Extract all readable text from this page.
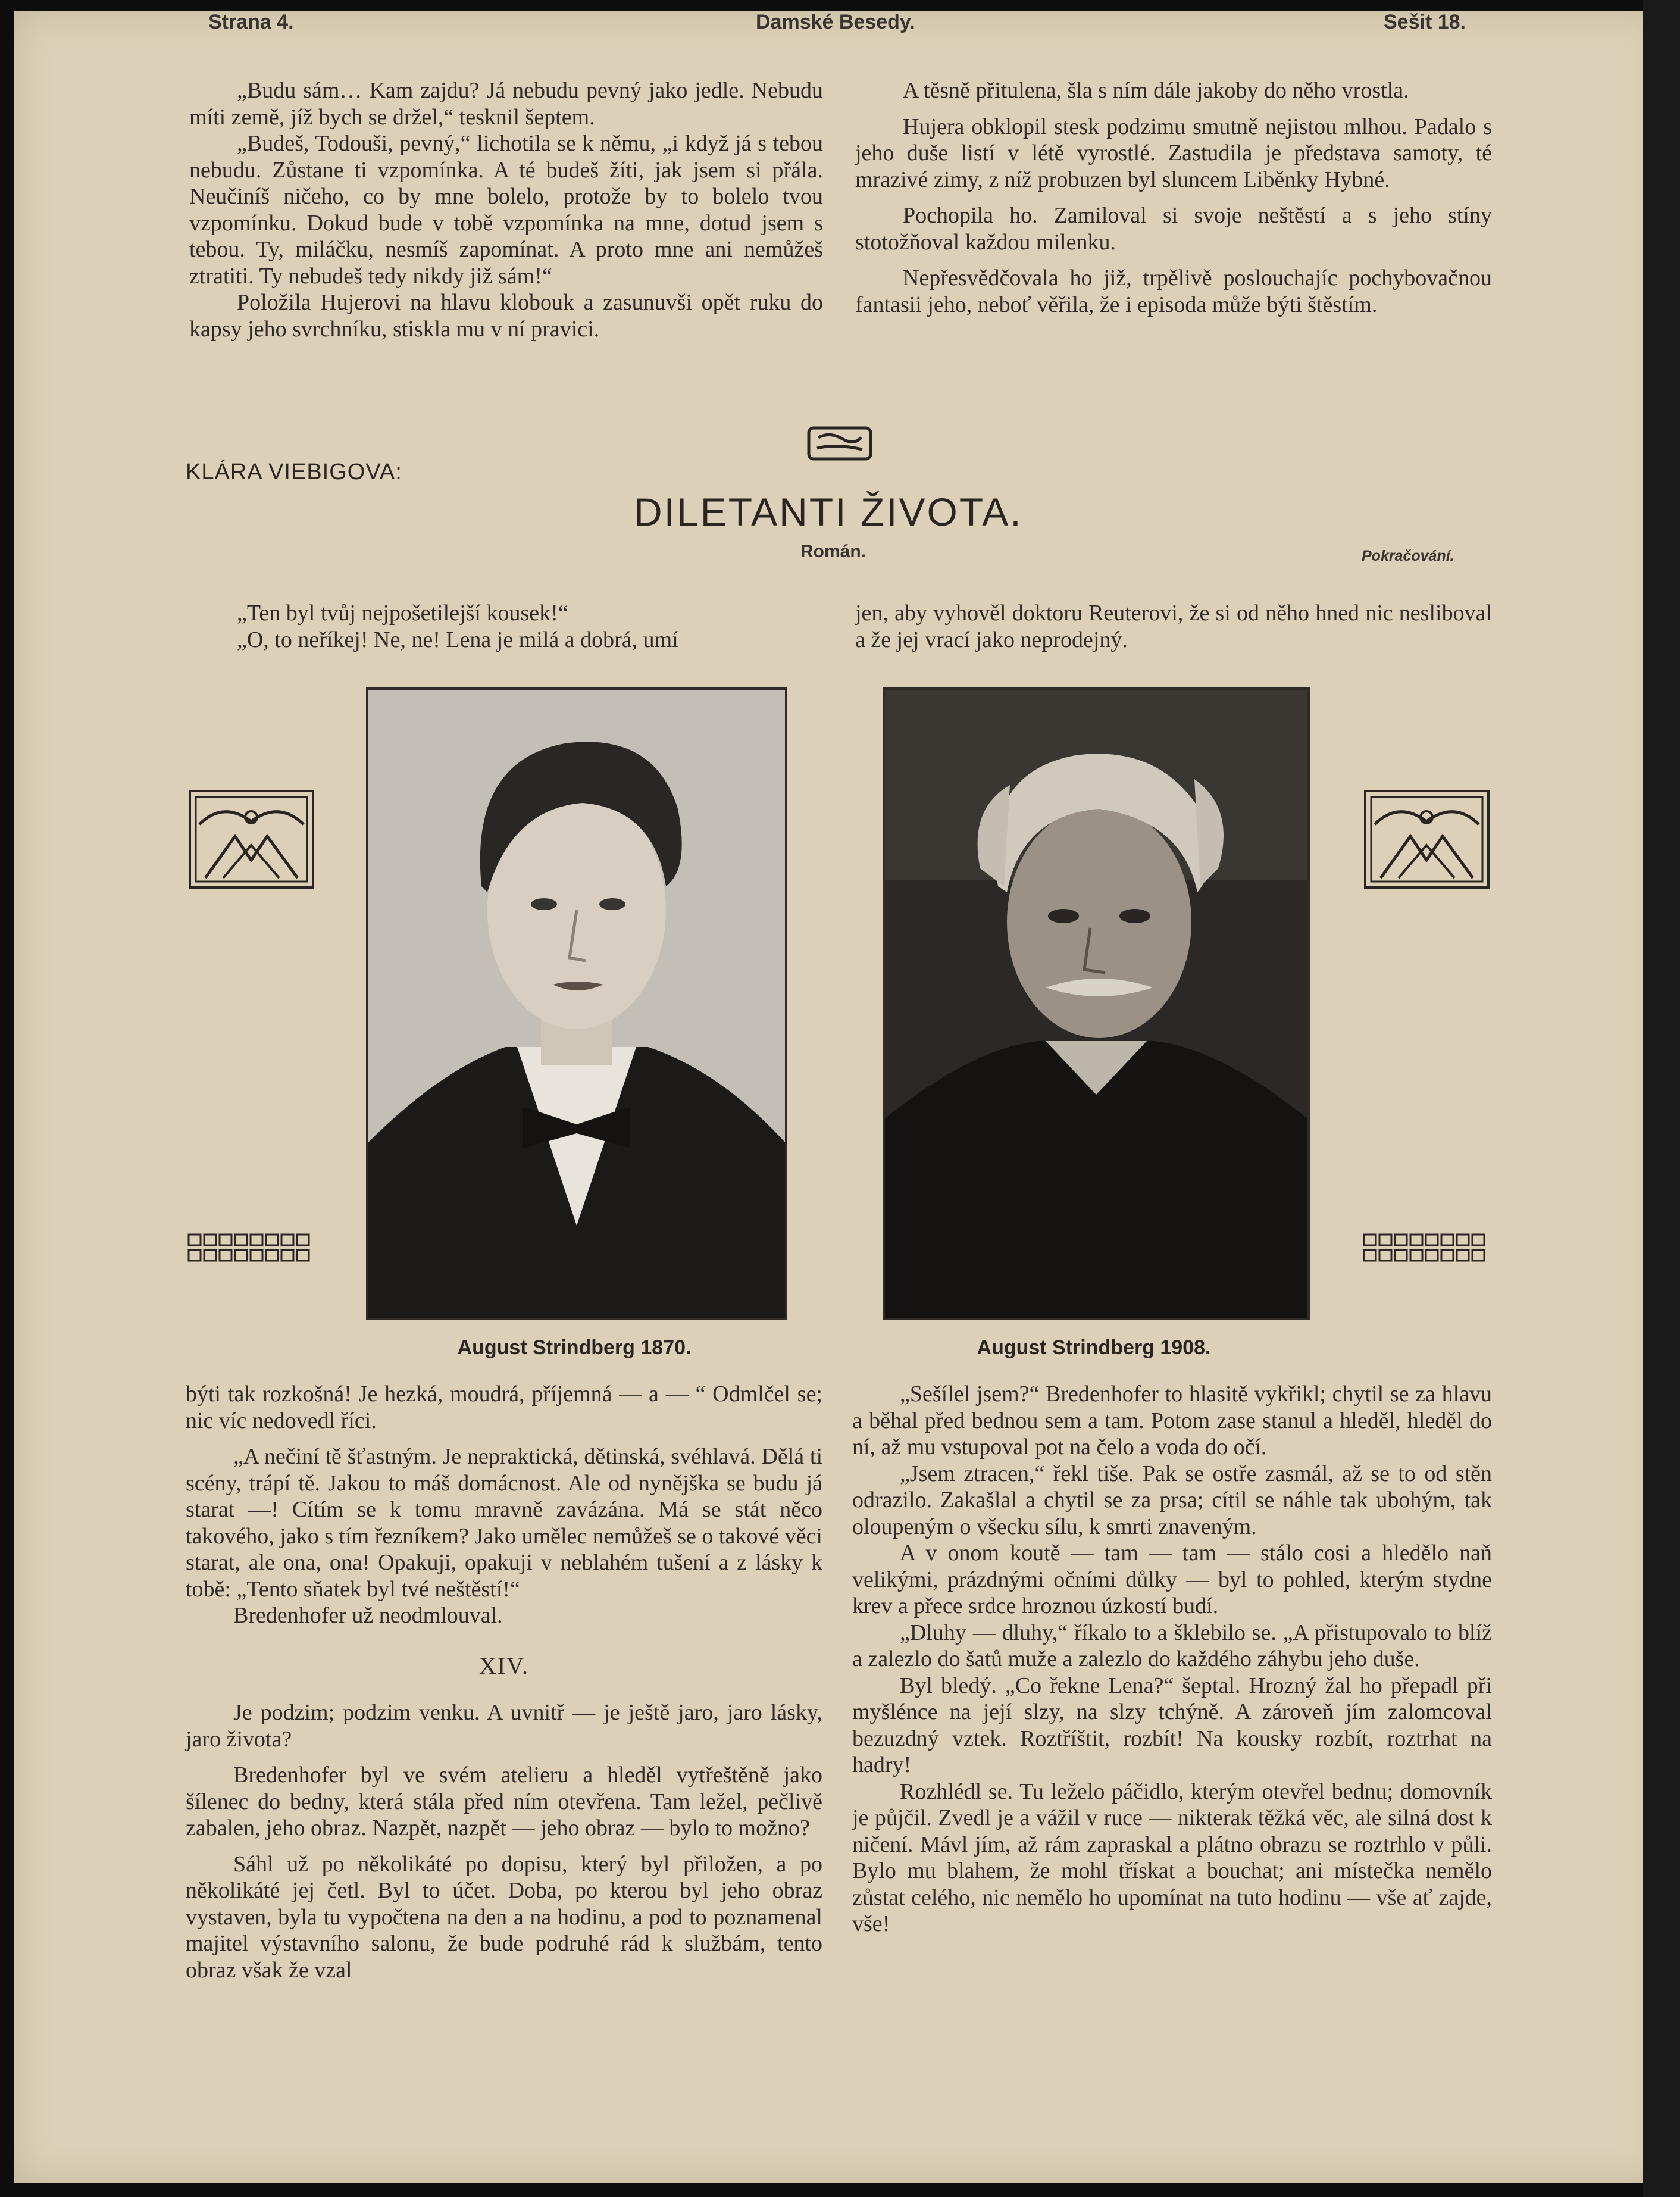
Strana 4.	Damské Besedy.	Sešit 18.

„Budu sám… Kam zajdu? Já nebudu pevný jako jedle. Nebudu míti země, jíž bych se držel,“ tesknil šeptem.

„Budeš, Todouši, pevný,“ lichotila se k němu, „i když já s tebou nebudu. Zůstane ti vzpomínka. A té budeš žíti, jak jsem si přála. Neučiníš ničeho, co by mne bolelo, protože by to bolelo tvou vzpomínku. Dokud bude v tobě vzpomínka na mne, dotud jsem s tebou. Ty, miláčku, nesmíš zapomínat. A proto mne ani nemůžeš ztratiti. Ty nebudeš tedy nikdy již sám!“

Položila Hujerovi na hlavu klobouk a zasunuvši opět ruku do kapsy jeho svrchníku, stiskla mu v ní pravici.

A těsně přitulena, šla s ním dále jakoby do něho vrostla.

Hujera obklopil stesk podzimu smutně nejistou mlhou. Padalo s jeho duše listí v létě vyrostlé. Zastudila je představa samoty, té mrazivé zimy, z níž probuzen byl sluncem Liběnky Hybné.

Pochopila ho. Zamiloval si svoje neštěstí a s jeho stíny stotožňoval každou milenku.

Nepřesvědčovala ho již, trpělivě poslouchajíc pochybovačnou fantasii jeho, neboť věřila, že i episoda může býti štěstím.

KLÁRA VIEBIGOVA:
DILETANTI ŽIVOTA.
Román.	Pokračování.

„Ten byl tvůj nejpošetilejší kousek!“

„O, to neříkej! Ne, ne! Lena je milá a dobrá, umí

jen, aby vyhověl doktoru Reuterovi, že si od něho hned nic nesliboval a že jej vrací jako neprodejný.

August Strindberg 1870.	August Strindberg 1908.

býti tak rozkošná! Je hezká, moudrá, příjemná — a — “ Odmlčel se; nic víc nedovedl říci.

„A nečiní tě šťastným. Je nepraktická, dětinská, svéhlavá. Dělá ti scény, trápí tě. Jakou to máš domácnost. Ale od nynějška se budu já starat —! Cítím se k tomu mravně zavázána. Má se stát něco takového, jako s tím řezníkem? Jako umělec nemůžeš se o takové věci starat, ale ona, ona! Opakuji, opakuji v neblahém tušení a z lásky k tobě: „Tento sňatek byl tvé neštěstí!“

Bredenhofer už neodmlouval.

XIV.

Je podzim; podzim venku. A uvnitř — je ještě jaro, jaro lásky, jaro života?

Bredenhofer byl ve svém atelieru a hleděl vytřeštěně jako šílenec do bedny, která stála před ním otevřena. Tam ležel, pečlivě zabalen, jeho obraz. Nazpět, nazpět — jeho obraz — bylo to možno?

Sáhl už po několikáté po dopisu, který byl přiložen, a po několikáté jej četl. Byl to účet. Doba, po kterou byl jeho obraz vystaven, byla tu vypočtena na den a na hodinu, a pod to poznamenal majitel výstavního salonu, že bude podruhé rád k službám, tento obraz však že vzal

„Sešílel jsem?“ Bredenhofer to hlasitě vykřikl; chytil se za hlavu a běhal před bednou sem a tam. Potom zase stanul a hleděl, hleděl do ní, až mu vstupoval pot na čelo a voda do očí.

„Jsem ztracen,“ řekl tiše. Pak se ostře zasmál, až se to od stěn odrazilo. Zakašlal a chytil se za prsa; cítil se náhle tak ubohým, tak oloupeným o všecku sílu, k smrti znaveným.

A v onom koutě — tam — tam — stálo cosi a hledělo naň velikými, prázdnými očními důlky — byl to pohled, kterým stydne krev a přece srdce hroznou úzkostí budí.

„Dluhy — dluhy,“ říkalo to a šklebilo se. „A přistupovalo to blíž a zalezlo do šatů muže a zalezlo do každého záhybu jeho duše.

Byl bledý. „Co řekne Lena?“ šeptal. Hrozný žal ho přepadl při myšlénce na její slzy, na slzy tchýně. A zároveň jím zalomcoval bezuzdný vztek. Roztříštit, rozbít! Na kousky rozbít, roztrhat na hadry!

Rozhlédl se. Tu leželo páčidlo, kterým otevřel bednu; domovník je půjčil. Zvedl je a vážil v ruce — nikterak těžká věc, ale silná dost k ničení. Mávl jím, až rám zapraskal a plátno obrazu se roztrhlo v půli. Bylo mu blahem, že mohl třískat a bouchat; ani místečka nemělo zůstat celého, nic nemělo ho upomínat na tuto hodinu — vše ať zajde, vše!
